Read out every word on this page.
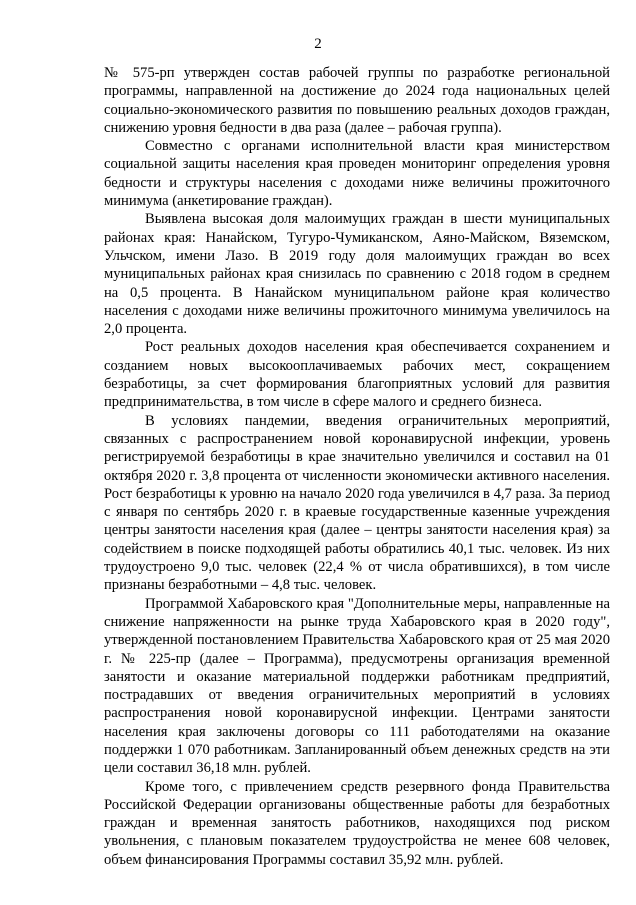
2

№ 575-рп утвержден состав рабочей группы по разработке региональной программы, направленной на достижение до 2024 года национальных целей социально-экономического развития по повышению реальных доходов граждан, снижению уровня бедности в два раза (далее – рабочая группа).

Совместно с органами исполнительной власти края министерством социальной защиты населения края проведен мониторинг определения уровня бедности и структуры населения с доходами ниже величины прожиточного минимума (анкетирование граждан).

Выявлена высокая доля малоимущих граждан в шести муниципальных районах края: Нанайском, Тугуро-Чумиканском, Аяно-Майском, Вяземском, Ульчском, имени Лазо. В 2019 году доля малоимущих граждан во всех муниципальных районах края снизилась по сравнению с 2018 годом в среднем на 0,5 процента. В Нанайском муниципальном районе края количество населения с доходами ниже величины прожиточного минимума увеличилось на 2,0 процента.

Рост реальных доходов населения края обеспечивается сохранением и созданием новых высокооплачиваемых рабочих мест, сокращением безработицы, за счет формирования благоприятных условий для развития предпринимательства, в том числе в сфере малого и среднего бизнеса.

В условиях пандемии, введения ограничительных мероприятий, связанных с распространением новой коронавирусной инфекции, уровень регистрируемой безработицы в крае значительно увеличился и составил на 01 октября 2020 г. 3,8 процента от численности экономически активного населения. Рост безработицы к уровню на начало 2020 года увеличился в 4,7 раза. За период с января по сентябрь 2020 г. в краевые государственные казенные учреждения центры занятости населения края (далее – центры занятости населения края) за содействием в поиске подходящей работы обратились 40,1 тыс. человек. Из них трудоустроено 9,0 тыс. человек (22,4 % от числа обратившихся), в том числе признаны безработными – 4,8 тыс. человек.

Программой Хабаровского края "Дополнительные меры, направленные на снижение напряженности на рынке труда Хабаровского края в 2020 году", утвержденной постановлением Правительства Хабаровского края от 25 мая 2020 г. № 225-пр (далее – Программа), предусмотрены организация временной занятости и оказание материальной поддержки работникам предприятий, пострадавших от введения ограничительных мероприятий в условиях распространения новой коронавирусной инфекции. Центрами занятости населения края заключены договоры со 111 работодателями на оказание поддержки 1 070 работникам. Запланированный объем денежных средств на эти цели составил 36,18 млн. рублей.

Кроме того, с привлечением средств резервного фонда Правительства Российской Федерации организованы общественные работы для безработных граждан и временная занятость работников, находящихся под риском увольнения, с плановым показателем трудоустройства не менее 608 человек, объем финансирования Программы составил 35,92 млн. рублей.
